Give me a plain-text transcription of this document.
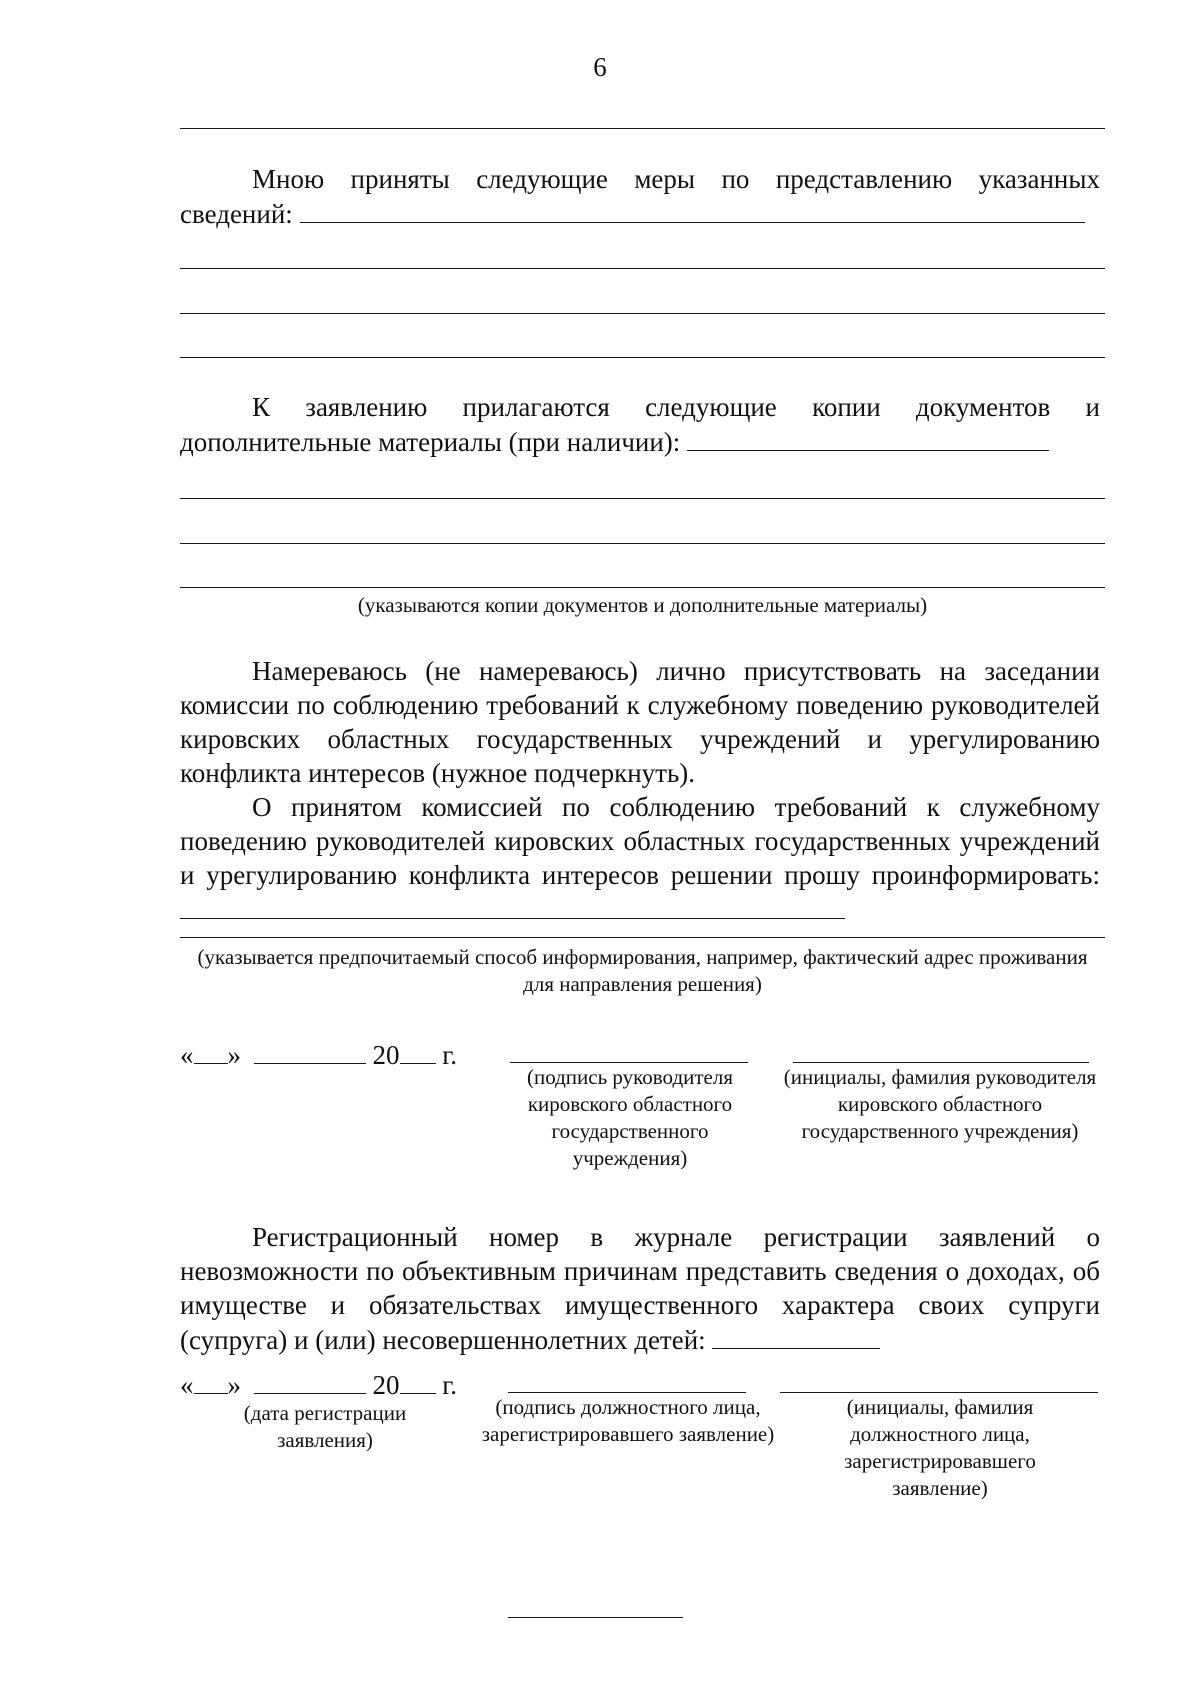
6
Мною приняты следующие меры по представлению указанных сведений:
К заявлению прилагаются следующие копии документов и дополнительные материалы (при наличии):
(указываются копии документов и дополнительные материалы)
Намереваюсь (не намереваюсь) лично присутствовать на заседании комиссии по соблюдению требований к служебному поведению руководителей кировских областных государственных учреждений и урегулированию конфликта интересов (нужное подчеркнуть).
О принятом комиссией по соблюдению требований к служебному поведению руководителей кировских областных государственных учреждений и урегулированию конфликта интересов решении прошу проинформировать:
(указывается предпочитаемый способ информирования, например, фактический адрес проживания для направления решения)
« »	20 г.
(подпись руководителя кировского областного государственного учреждения)
(инициалы, фамилия руководителя кировского областного государственного учреждения)
Регистрационный номер в журнале регистрации заявлений о невозможности по объективным причинам представить сведения о доходах, об имуществе и обязательствах имущественного характера своих супруги (супруга) и (или) несовершеннолетних детей:
« »	20 г.
(дата регистрации заявления)
(подпись должностного лица, зарегистрировавшего заявление)
(инициалы, фамилия должностного лица, зарегистрировавшего заявление)
